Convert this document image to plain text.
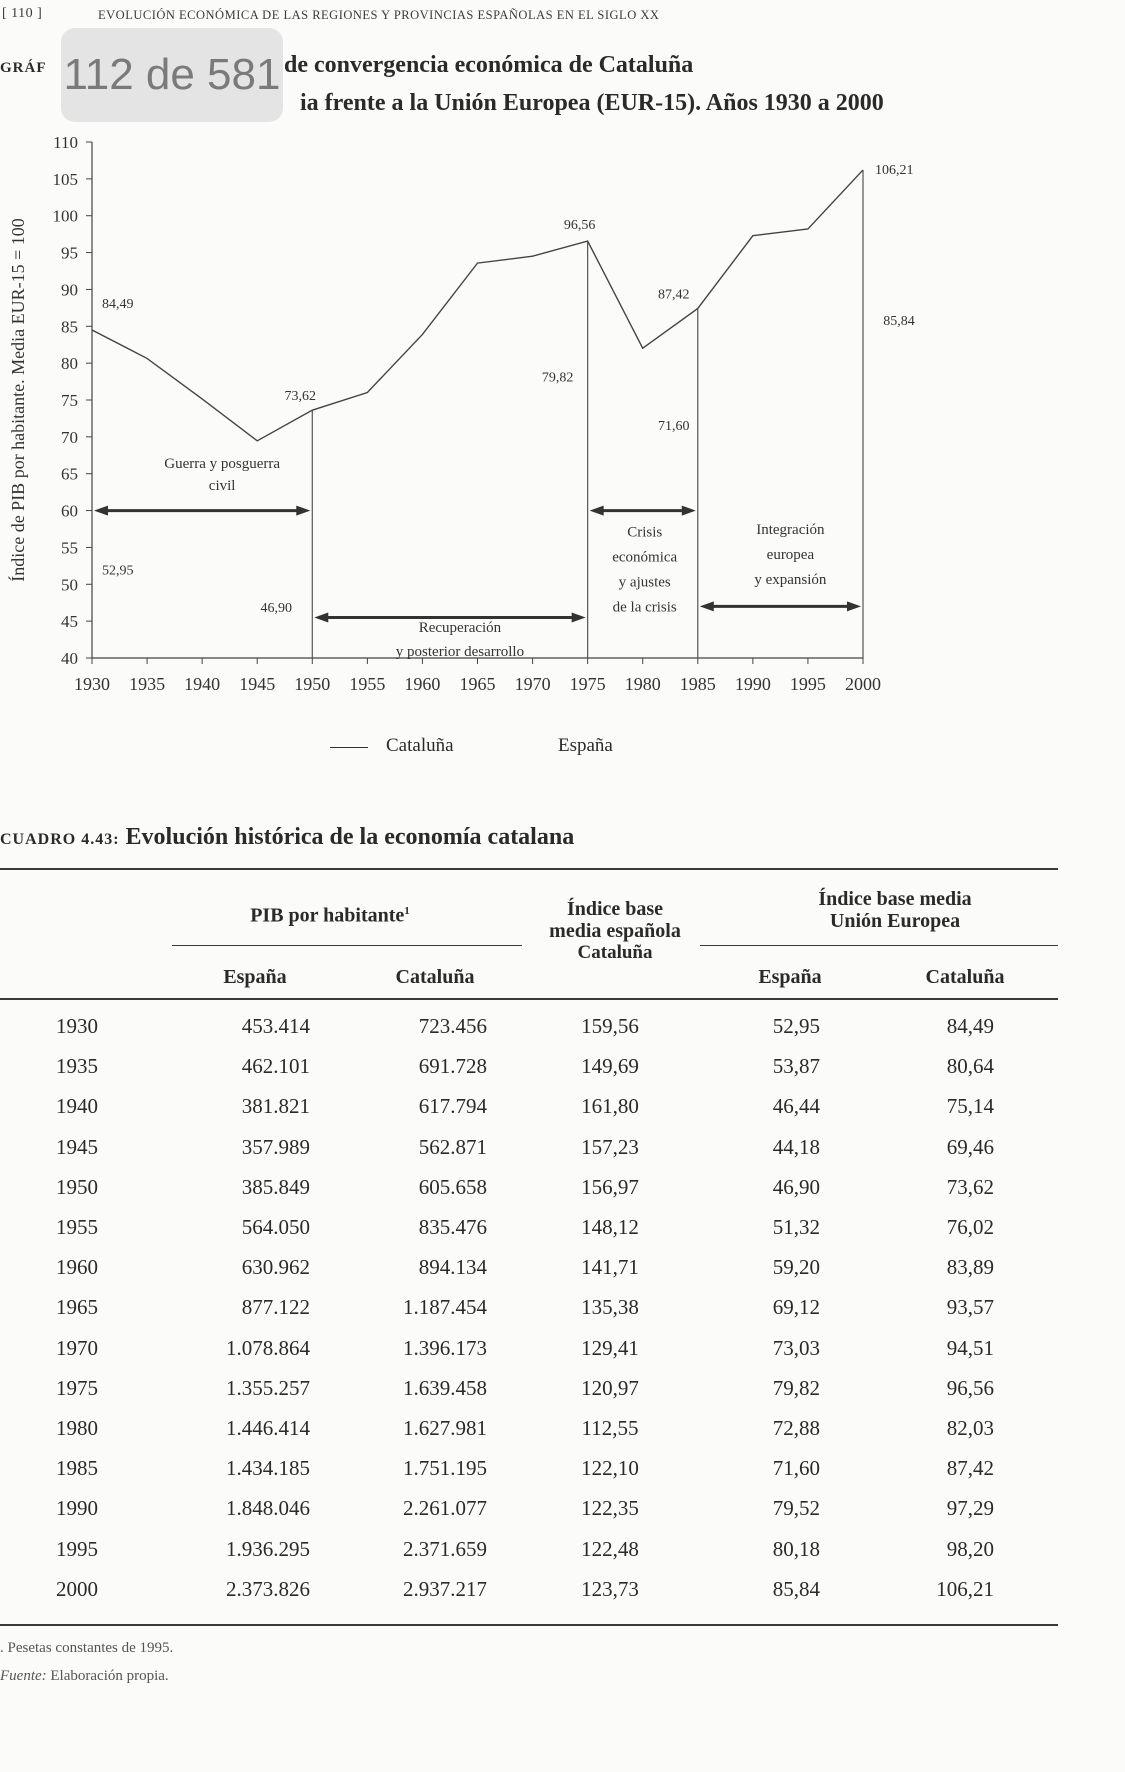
[ 110 ]	EVOLUCIÓN ECONÓMICA DE LAS REGIONES Y PROVINCIAS ESPAÑOLAS EN EL SIGLO XX
GRÁF	de convergencia económica de Cataluña
ia frente a la Unión Europea (EUR-15). Años 1930 a 2000
112 de 581
40
45
50
55
60
65
70
75
80
85
90
95
100
105
110
1930 1935 1940 1945 1950 1955 1960 1965 1970 1975 1980 1985 1990 1995 2000
Índice de PIB por habitante. Media EUR-15 = 100	84,49
73,62
96,56
87,42
106,21
52,95
46,90
79,82
71,60
85,84
Guerra y posguerra
civil
Recuperación
y posterior desarrollo
Crisis
económica
y ajustes
de la crisis
Integración
europea
y expansión
Cataluña	España
CUADRO 4.43: Evolución histórica de la economía catalana
PIB por habitante$^1$	Índice base
media española
Cataluña
Índice base media
Unión Europea
España	Cataluña	España	Cataluña
1930	453.414	723.456	159,56	52,95	84,49
1935	462.101	691.728	149,69	53,87	80,64
1940	381.821	617.794	161,80	46,44	75,14
1945	357.989	562.871	157,23	44,18	69,46
1950	385.849	605.658	156,97	46,90	73,62
1955	564.050	835.476	148,12	51,32	76,02
1960	630.962	894.134	141,71	59,20	83,89
1965	877.122	1.187.454	135,38	69,12	93,57
1970	1.078.864	1.396.173	129,41	73,03	94,51
1975	1.355.257	1.639.458	120,97	79,82	96,56
1980	1.446.414	1.627.981	112,55	72,88	82,03
1985	1.434.185	1.751.195	122,10	71,60	87,42
1990	1.848.046	2.261.077	122,35	79,52	97,29
1995	1.936.295	2.371.659	122,48	80,18	98,20
2000	2.373.826	2.937.217	123,73	85,84	106,21
. Pesetas constantes de 1995.
Fuente: Elaboración propia.
